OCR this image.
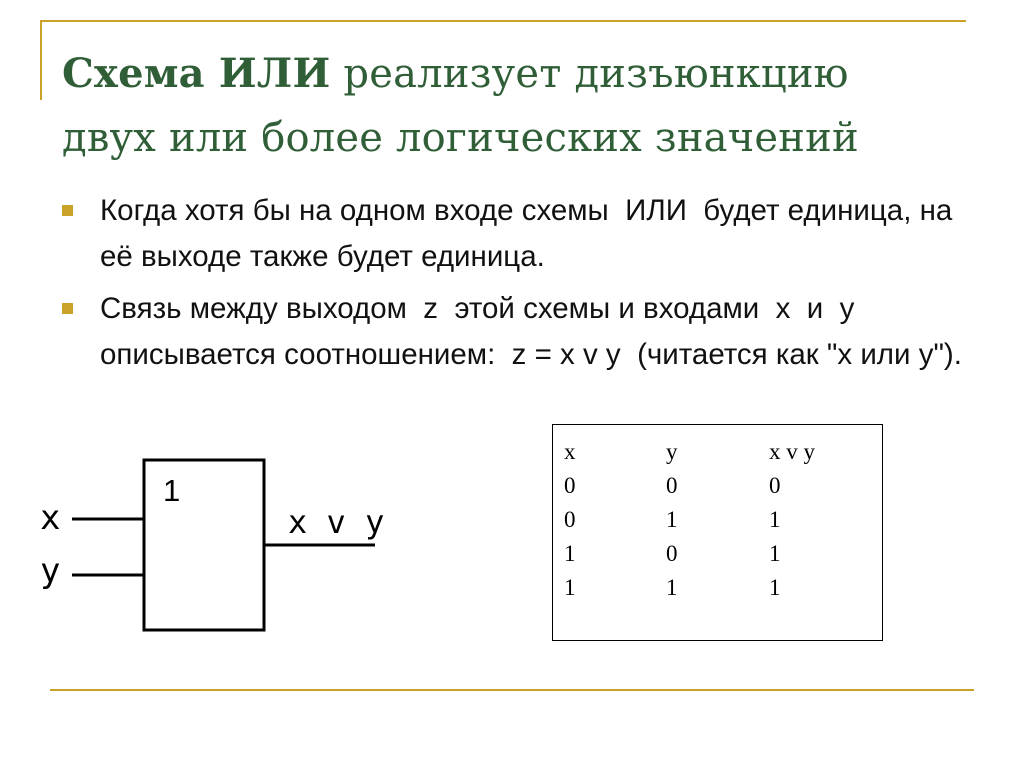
Схема ИЛИ реализует дизъюнкцию
двух или более логических значений
Когда хотя бы на одном входе схемы  ИЛИ  будет единица, на её выходе также будет единица.
Связь между выходом  z  этой схемы и входами  x  и  y   описывается соотношением:  z = x v y  (читается как "x или y").
1
x
y
x v y
x	y	x v y
0	0	0
0	1	1
1	0	1
1	1	1
